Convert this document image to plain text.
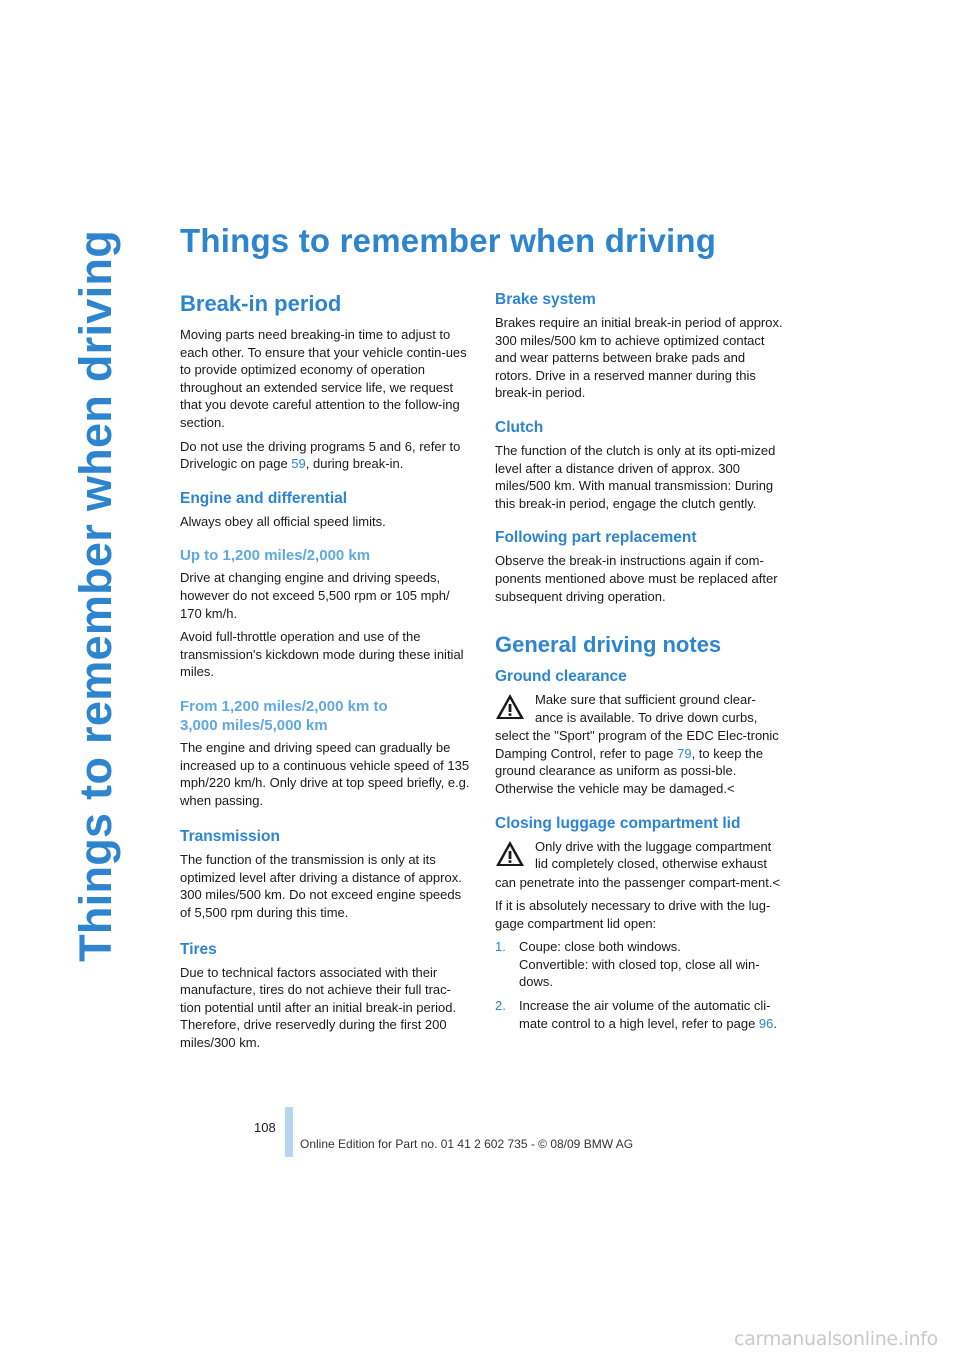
Things to remember when driving	Things to remember when driving
Break-in period

Moving parts need breaking-in time to adjust to each other. To ensure that your vehicle contin-ues to provide optimized economy of operation throughout an extended service life, we request that you devote careful attention to the follow-ing section.

Do not use the driving programs 5 and 6, refer to Drivelogic on page 59, during break-in.

Engine and differential

Always obey all official speed limits.

Up to 1,200 miles/2,000 km

Drive at changing engine and driving speeds, however do not exceed 5,500 rpm or 105 mph/ 170 km/h.

Avoid full-throttle operation and use of the transmission's kickdown mode during these initial miles.

From 1,200 miles/2,000 km to
3,000 miles/5,000 km

The engine and driving speed can gradually be increased up to a continuous vehicle speed of 135 mph/220 km/h. Only drive at top speed briefly, e.g. when passing.

Transmission

The function of the transmission is only at its optimized level after driving a distance of approx. 300 miles/500 km. Do not exceed engine speeds of 5,500 rpm during this time.

Tires

Due to technical factors associated with their manufacture, tires do not achieve their full trac-tion potential until after an initial break-in period. Therefore, drive reservedly during the first 200 miles/300 km.

Brake system

Brakes require an initial break-in period of approx. 300 miles/500 km to achieve optimized contact and wear patterns between brake pads and rotors. Drive in a reserved manner during this break-in period.

Clutch

The function of the clutch is only at its opti-mized level after a distance driven of approx. 300 miles/500 km. With manual transmission: During this break-in period, engage the clutch gently.

Following part replacement

Observe the break-in instructions again if com-ponents mentioned above must be replaced after subsequent driving operation.

General driving notes
Ground clearance
Make sure that sufficient ground clear-
ance is available. To drive down curbs,

select the "Sport" program of the EDC Elec-tronic Damping Control, refer to page 79, to keep the ground clearance as uniform as possi-ble. Otherwise the vehicle may be damaged.<

Closing luggage compartment lid
Only drive with the luggage compartment
lid completely closed, otherwise exhaust

can penetrate into the passenger compart-ment.<

If it is absolutely necessary to drive with the lug-gage compartment lid open:

1. Coupe: close both windows.
Convertible: with closed top, close all win-dows.
2. Increase the air volume of the automatic cli-mate control to a high level, refer to page 96.
108
Online Edition for Part no. 01 41 2 602 735 - © 08/09 BMW AG
carmanualsonline.info
